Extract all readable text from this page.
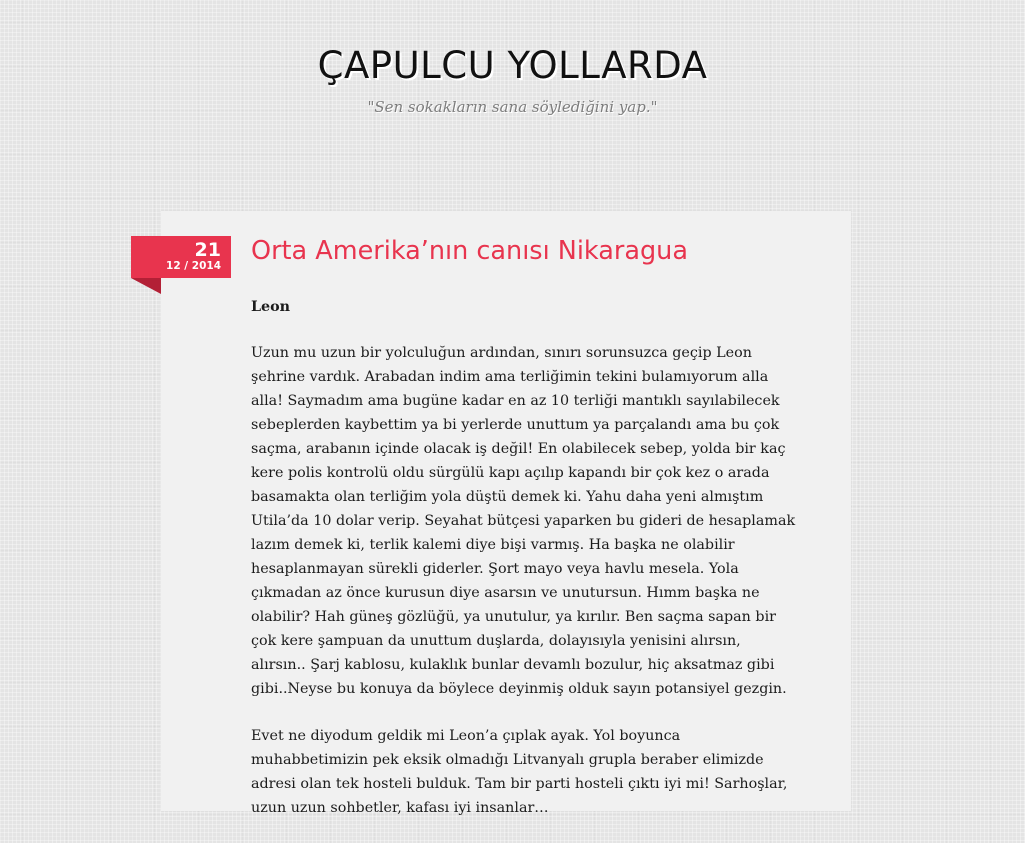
ÇAPULCU YOLLARDA

"Sen sokakların sana söylediğini yap."

21
12 / 2014 Orta Amerika’nın canısı Nikaragua

Leon

Uzun mu uzun bir yolculuğun ardından, sınırı sorunsuzca geçip Leon
şehrine vardık. Arabadan indim ama terliğimin tekini bulamıyorum alla
alla! Saymadım ama bugüne kadar en az 10 terliği mantıklı sayılabilecek
sebeplerden kaybettim ya bi yerlerde unuttum ya parçalandı ama bu çok
saçma, arabanın içinde olacak iş değil! En olabilecek sebep, yolda bir kaç
kere polis kontrolü oldu sürgülü kapı açılıp kapandı bir çok kez o arada
basamakta olan terliğim yola düştü demek ki. Yahu daha yeni almıştım
Utila’da 10 dolar verip. Seyahat bütçesi yaparken bu gideri de hesaplamak
lazım demek ki, terlik kalemi diye bişi varmış. Ha başka ne olabilir
hesaplanmayan sürekli giderler. Şort mayo veya havlu mesela. Yola
çıkmadan az önce kurusun diye asarsın ve unutursun. Hımm başka ne
olabilir? Hah güneş gözlüğü, ya unutulur, ya kırılır. Ben saçma sapan bir
çok kere şampuan da unuttum duşlarda, dolayısıyla yenisini alırsın,
alırsın.. Şarj kablosu, kulaklık bunlar devamlı bozulur, hiç aksatmaz gibi
gibi..Neyse bu konuya da böylece deyinmiş olduk sayın potansiyel gezgin.

Evet ne diyodum geldik mi Leon’a çıplak ayak. Yol boyunca
muhabbetimizin pek eksik olmadığı Litvanyalı grupla beraber elimizde
adresi olan tek hosteli bulduk. Tam bir parti hosteli çıktı iyi mi! Sarhoşlar,
uzun uzun sohbetler, kafası iyi insanlar…
